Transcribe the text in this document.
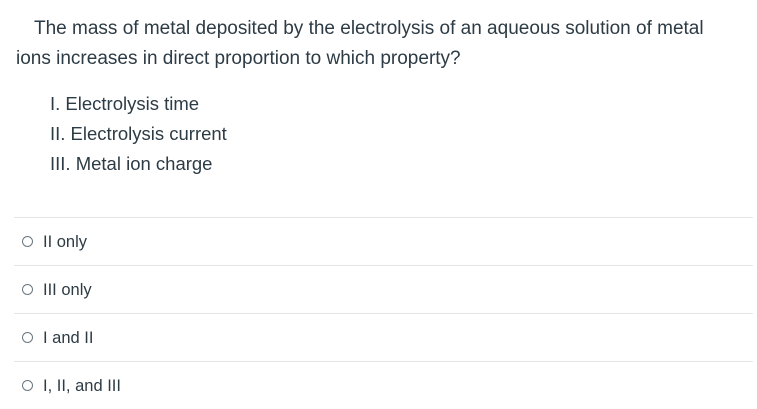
The mass of metal deposited by the electrolysis of an aqueous solution of metal ions increases in direct proportion to which property?

I. Electrolysis time
II. Electrolysis current
III. Metal ion charge
II only
III only
I and II
I, II, and III
